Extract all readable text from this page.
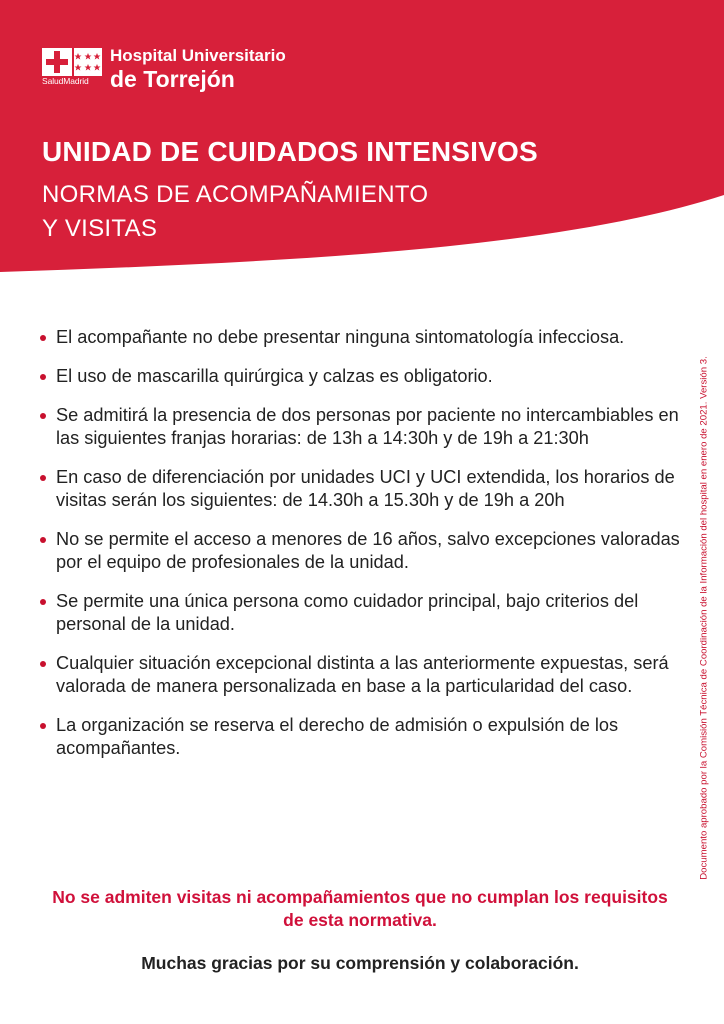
SaludMadrid
Hospital Universitario
de Torrejón
UNIDAD DE CUIDADOS INTENSIVOS
NORMAS DE ACOMPAÑAMIENTO
Y VISITAS
El acompañante no debe presentar ninguna sintomatología infecciosa.
El uso de mascarilla quirúrgica y calzas es obligatorio.
Se admitirá la presencia de dos personas por paciente no intercambiables en las siguientes franjas horarias: de 13h a 14:30h y de 19h a 21:30h
En caso de diferenciación por unidades UCI y UCI extendida, los horarios de visitas serán los siguientes: de 14.30h a 15.30h y de 19h a 20h
No se permite el acceso a menores de 16 años, salvo excepciones valoradas por el equipo de profesionales de la unidad.
Se permite una única persona como cuidador principal, bajo criterios del personal de la unidad.
Cualquier situación excepcional distinta a las anteriormente expuestas, será valorada de manera personalizada en base a la particularidad del caso.
La organización se reserva el derecho de admisión o expulsión de los acompañantes.
No se admiten visitas ni acompañamientos que no cumplan los requisitos de esta normativa.
Muchas gracias por su comprensión y colaboración.
Documento aprobado por la Comisión Técnica de Coordinación de la Información del hospital en enero de 2021. Versión 3.
